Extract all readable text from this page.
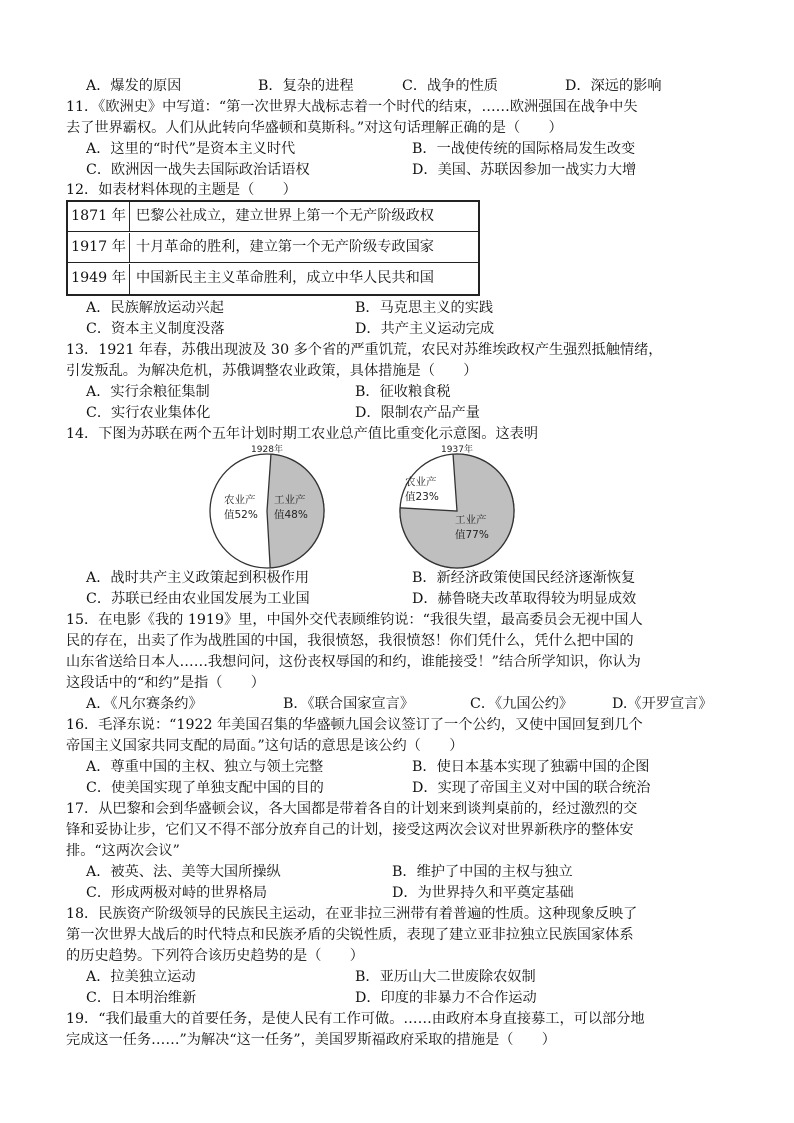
A．爆发的原因	B．复杂的进程	C．战争的性质	D．深远的影响
11．《欧洲史》中写道：“第一次世界大战标志着一个时代的结束，……欧洲强国在战争中失
去了世界霸权。人们从此转向华盛顿和莫斯科。”对这句话理解正确的是（　　）
A．这里的“时代”是资本主义时代	B．一战使传统的国际格局发生改变
C．欧洲因一战失去国际政治话语权	D．美国、苏联因参加一战实力大增
12．如表材料体现的主题是（　　）
1871 年 巴黎公社成立，建立世界上第一个无产阶级政权
1917 年 十月革命的胜利，建立第一个无产阶级专政国家
1949 年 中国新民主主义革命胜利，成立中华人民共和国
A．民族解放运动兴起	B．马克思主义的实践
C．资本主义制度没落	D．共产主义运动完成
13．1921 年春，苏俄出现波及 30 多个省的严重饥荒，农民对苏维埃政权产生强烈抵触情绪，
引发叛乱。为解决危机，苏俄调整农业政策，具体措施是（　　）
A．实行余粮征集制	B．征收粮食税
C．实行农业集体化	D．限制农产品产量
14．下图为苏联在两个五年计划时期工农业总产值比重变化示意图。这表明
1928年
农业产
值52%
工业产
值48%
1937年
农业产
值23%
工业产
值77%
A．战时共产主义政策起到积极作用	B．新经济政策使国民经济逐渐恢复
C．苏联已经由农业国发展为工业国	D．赫鲁晓夫改革取得较为明显成效
15．在电影《我的 1919》里，中国外交代表顾维钧说：“我很失望，最高委员会无视中国人
民的存在，出卖了作为战胜国的中国，我很愤怒，我很愤怒！你们凭什么，凭什么把中国的
山东省送给日本人……我想问问，这份丧权辱国的和约，谁能接受！”结合所学知识，你认为
这段话中的“和约”是指（　　）
A．《凡尔赛条约》	B．《联合国家宣言》	C．《九国公约》	D.《开罗宣言》
16．毛泽东说：“1922 年美国召集的华盛顿九国会议签订了一个公约，又使中国回复到几个
帝国主义国家共同支配的局面。”这句话的意思是该公约（　　）
A．尊重中国的主权、独立与领土完整	B．使日本基本实现了独霸中国的企图
C．使美国实现了单独支配中国的目的	D．实现了帝国主义对中国的联合统治
17．从巴黎和会到华盛顿会议，各大国都是带着各自的计划来到谈判桌前的，经过激烈的交
锋和妥协让步，它们又不得不部分放弃自己的计划，接受这两次会议对世界新秩序的整体安
排。“这两次会议”
A．被英、法、美等大国所操纵	B．维护了中国的主权与独立
C．形成两极对峙的世界格局	D．为世界持久和平奠定基础
18．民族资产阶级领导的民族民主运动，在亚非拉三洲带有着普遍的性质。这种现象反映了
第一次世界大战后的时代特点和民族矛盾的尖锐性质，表现了建立亚非拉独立民族国家体系
的历史趋势。下列符合该历史趋势的是（　　）
A．拉美独立运动	B．亚历山大二世废除农奴制
C．日本明治维新	D．印度的非暴力不合作运动
19．“我们最重大的首要任务，是使人民有工作可做。……由政府本身直接募工，可以部分地
完成这一任务……”为解决“这一任务”，美国罗斯福政府采取的措施是（　　）
